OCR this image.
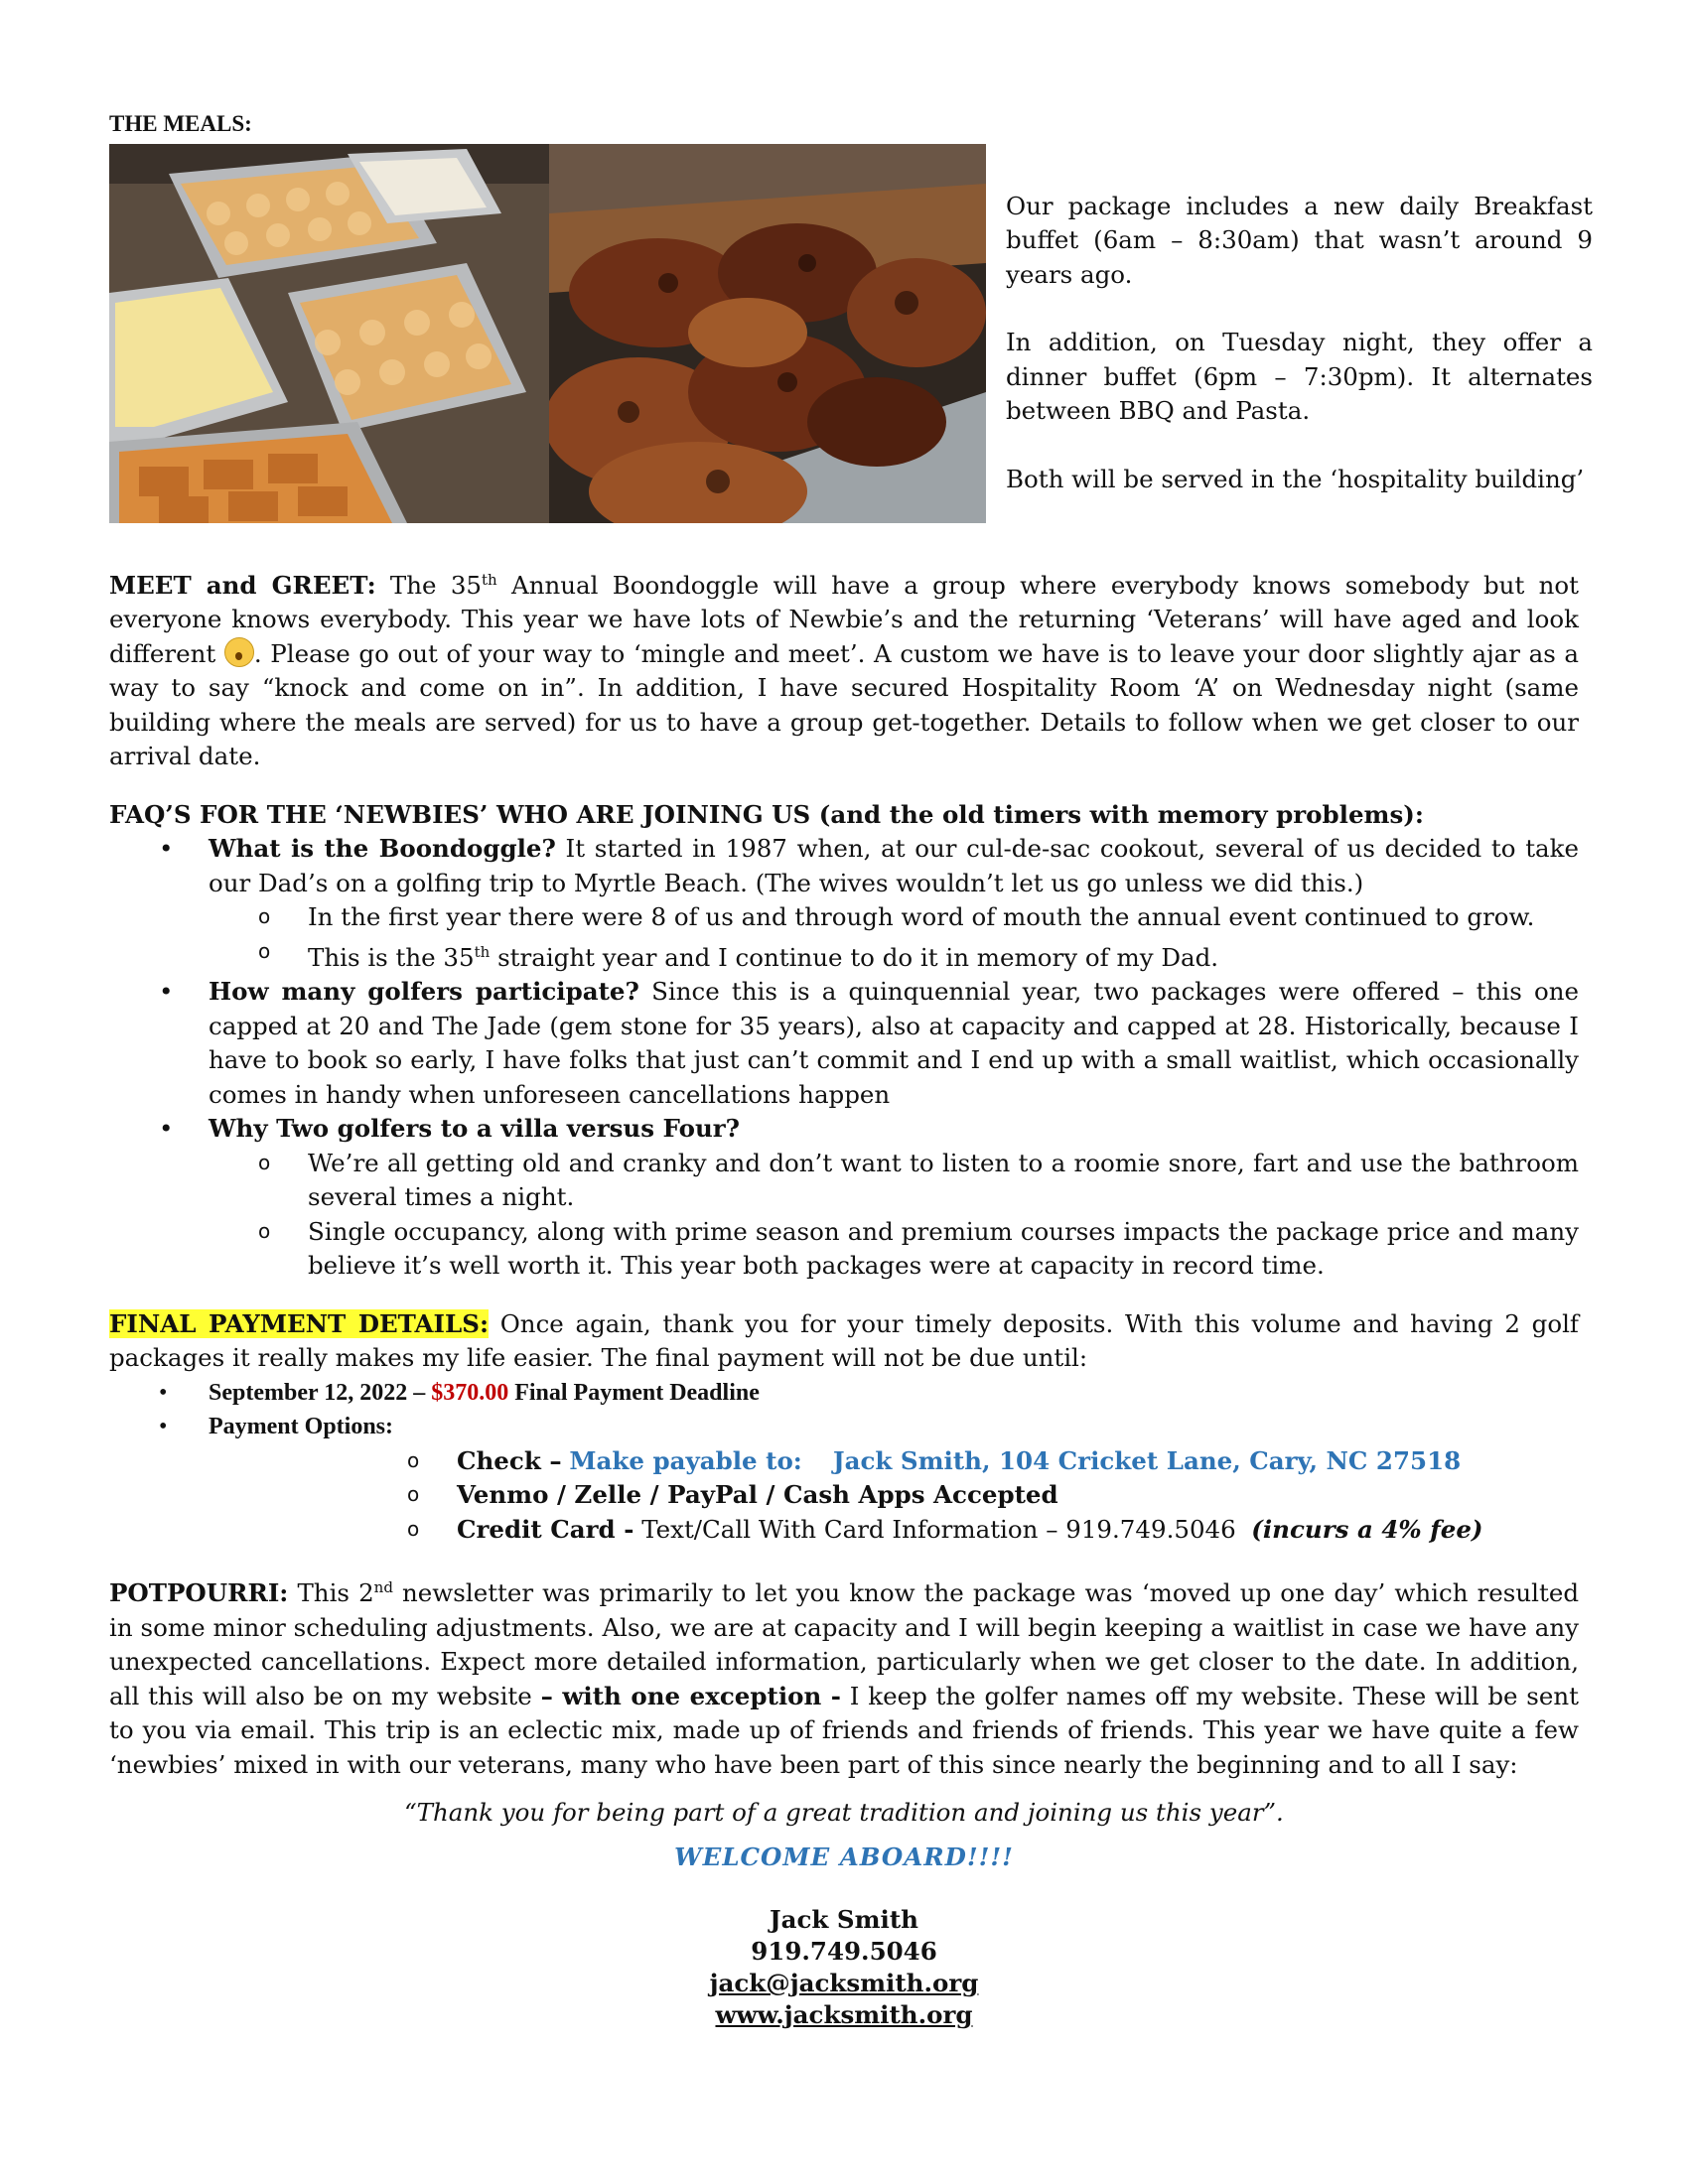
THE MEALS:

Our package includes a new daily Breakfast buffet (6am – 8:30am) that wasn’t around 9 years ago.

In addition, on Tuesday night, they offer a dinner buffet (6pm – 7:30pm). It alternates between BBQ and Pasta.

Both will be served in the ‘hospitality building’

MEET and GREET: The 35th Annual Boondoggle will have a group where everybody knows somebody but not everyone knows everybody. This year we have lots of Newbie’s and the returning ‘Veterans’ will have aged and look different . Please go out of your way to ‘mingle and meet’. A custom we have is to leave your door slightly ajar as a way to say “knock and come on in”. In addition, I have secured Hospitality Room ‘A’ on Wednesday night (same building where the meals are served) for us to have a group get-together. Details to follow when we get closer to our arrival date.

FAQ’S FOR THE ‘NEWBIES’ WHO ARE JOINING US (and the old timers with memory problems):
• What is the Boondoggle? It started in 1987 when, at our cul-de-sac cookout, several of us decided to take our Dad’s on a golfing trip to Myrtle Beach. (The wives wouldn’t let us go unless we did this.)
o In the first year there were 8 of us and through word of mouth the annual event continued to grow.
o This is the 35th straight year and I continue to do it in memory of my Dad.
• How many golfers participate? Since this is a quinquennial year, two packages were offered – this one capped at 20 and The Jade (gem stone for 35 years), also at capacity and capped at 28. Historically, because I have to book so early, I have folks that just can’t commit and I end up with a small waitlist, which occasionally comes in handy when unforeseen cancellations happen
• Why Two golfers to a villa versus Four?
o We’re all getting old and cranky and don’t want to listen to a roomie snore, fart and use the bathroom several times a night.
o Single occupancy, along with prime season and premium courses impacts the package price and many believe it’s well worth it. This year both packages were at capacity in record time.
FINAL PAYMENT DETAILS: Once again, thank you for your timely deposits. With this volume and having 2 golf packages it really makes my life easier. The final payment will not be due until:
• September 12, 2022 – $370.00 Final Payment Deadline
• Payment Options:
o Check – Make payable to: Jack Smith, 104 Cricket Lane, Cary, NC 27518
o Venmo / Zelle / PayPal / Cash Apps Accepted
o Credit Card - Text/Call With Card Information – 919.749.5046 (incurs a 4% fee)

POTPOURRI: This 2nd newsletter was primarily to let you know the package was ‘moved up one day’ which resulted in some minor scheduling adjustments. Also, we are at capacity and I will begin keeping a waitlist in case we have any unexpected cancellations. Expect more detailed information, particularly when we get closer to the date. In addition, all this will also be on my website – with one exception - I keep the golfer names off my website. These will be sent to you via email. This trip is an eclectic mix, made up of friends and friends of friends. This year we have quite a few ‘newbies’ mixed in with our veterans, many who have been part of this since nearly the beginning and to all I say:

“Thank you for being part of a great tradition and joining us this year”.
WELCOME ABOARD!!!!
Jack Smith
919.749.5046
jack@jacksmith.org
www.jacksmith.org
